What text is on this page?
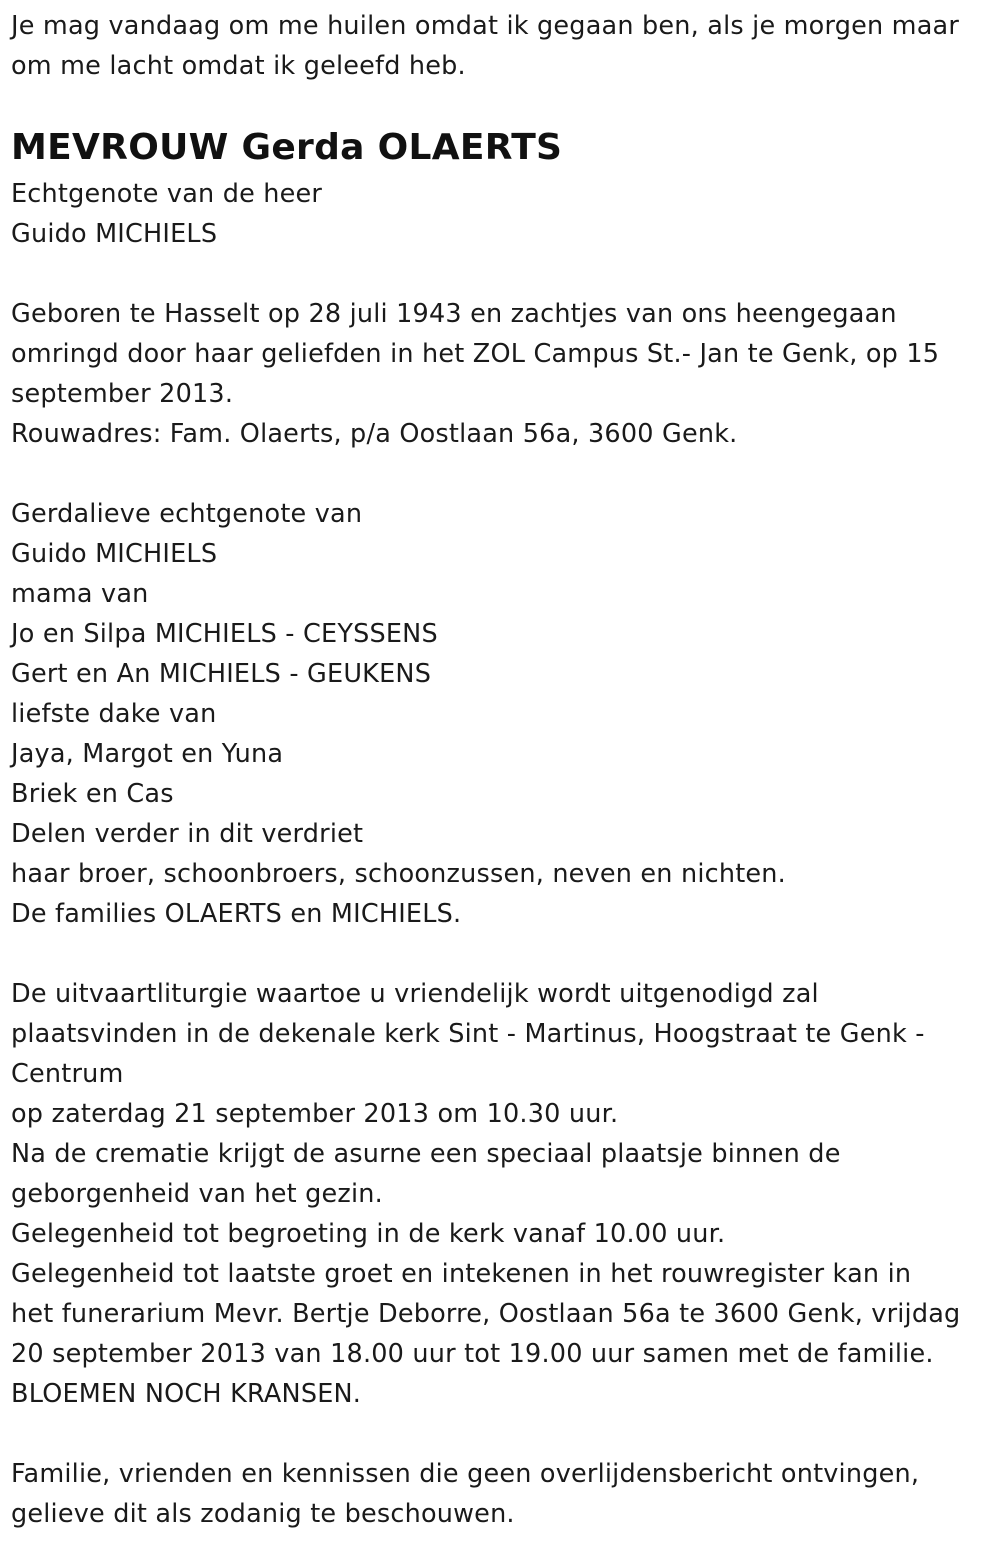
Je mag vandaag om me huilen omdat ik gegaan ben, als je morgen maar
om me lacht omdat ik geleefd heb.
MEVROUW Gerda OLAERTS
Echtgenote van de heer
Guido MICHIELS
Geboren te Hasselt op 28 juli 1943 en zachtjes van ons heengegaan
omringd door haar geliefden in het ZOL Campus St.- Jan te Genk, op 15
september 2013.
Rouwadres: Fam. Olaerts, p/a Oostlaan 56a, 3600 Genk.
Gerdalieve echtgenote van
Guido MICHIELS
mama van
Jo en Silpa MICHIELS - CEYSSENS
Gert en An MICHIELS - GEUKENS
liefste dake van
Jaya, Margot en Yuna
Briek en Cas
Delen verder in dit verdriet
haar broer, schoonbroers, schoonzussen, neven en nichten.
De families OLAERTS en MICHIELS.
De uitvaartliturgie waartoe u vriendelijk wordt uitgenodigd zal
plaatsvinden in de dekenale kerk Sint - Martinus, Hoogstraat te Genk -
Centrum
op zaterdag 21 september 2013 om 10.30 uur.
Na de crematie krijgt de asurne een speciaal plaatsje binnen de
geborgenheid van het gezin.
Gelegenheid tot begroeting in de kerk vanaf 10.00 uur.
Gelegenheid tot laatste groet en intekenen in het rouwregister kan in
het funerarium Mevr. Bertje Deborre, Oostlaan 56a te 3600 Genk, vrijdag
20 september 2013 van 18.00 uur tot 19.00 uur samen met de familie.
BLOEMEN NOCH KRANSEN.
Familie, vrienden en kennissen die geen overlijdensbericht ontvingen,
gelieve dit als zodanig te beschouwen.
